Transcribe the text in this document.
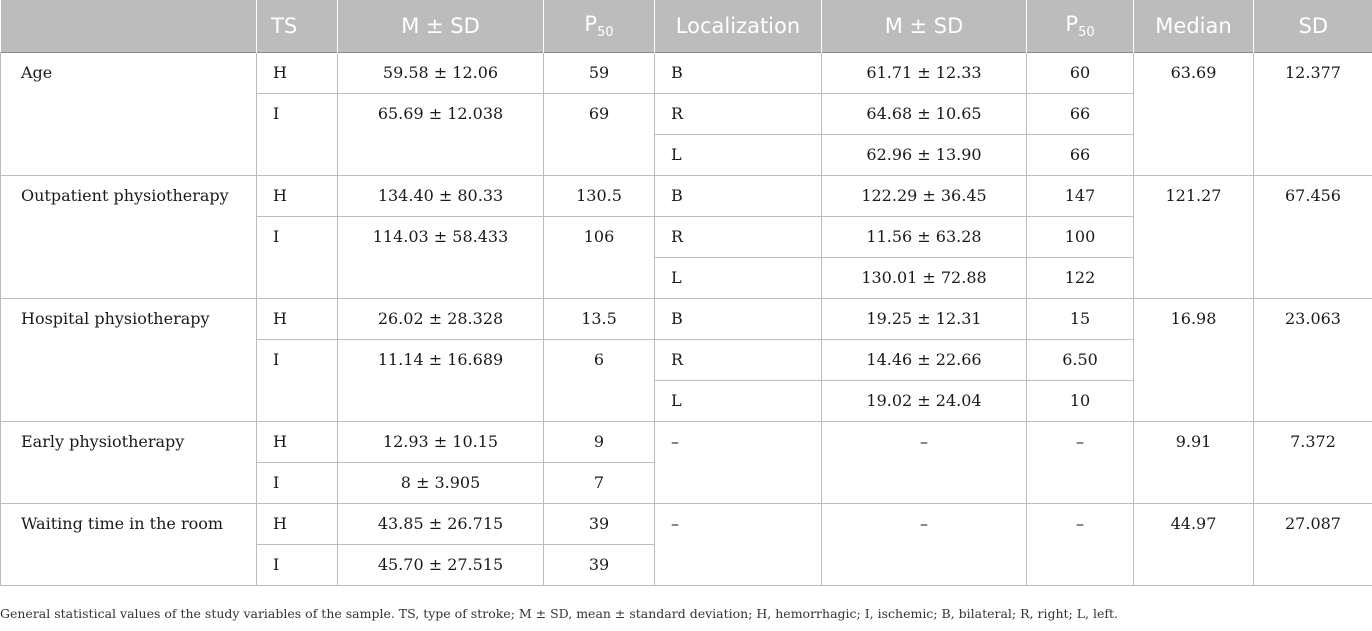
	TS	M ± SD	$P_{50}$	Localization	M ± SD	$P_{50}$	Median	SD

Age	H	59.58 ± 12.06	59	B	61.71 ± 12.33	60	63.69	12.377

	I	65.69 ± 12.038	69	R	64.68 ± 10.65	66		

				L	62.96 ± 13.90	66		

Outpatient physiotherapy	H	134.40 ± 80.33	130.5	B	122.29 ± 36.45	147	121.27	67.456

	I	114.03 ± 58.433	106	R	11.56 ± 63.28	100		

				L	130.01 ± 72.88	122		

Hospital physiotherapy	H	26.02 ± 28.328	13.5	B	19.25 ± 12.31	15	16.98	23.063

	I	11.14 ± 16.689	6	R	14.46 ± 22.66	6.50		

				L	19.02 ± 24.04	10		

Early physiotherapy	H	12.93 ± 10.15	9	–	–	–	9.91	7.372

	I	8 ± 3.905	7					

Waiting time in the room	H	43.85 ± 26.715	39	–	–	–	44.97	27.087

	I	45.70 ± 27.515	39					
General statistical values of the study variables of the sample. TS, type of stroke; M ± SD, mean ± standard deviation; H, hemorrhagic; I, ischemic; B, bilateral; R, right; L, left.
